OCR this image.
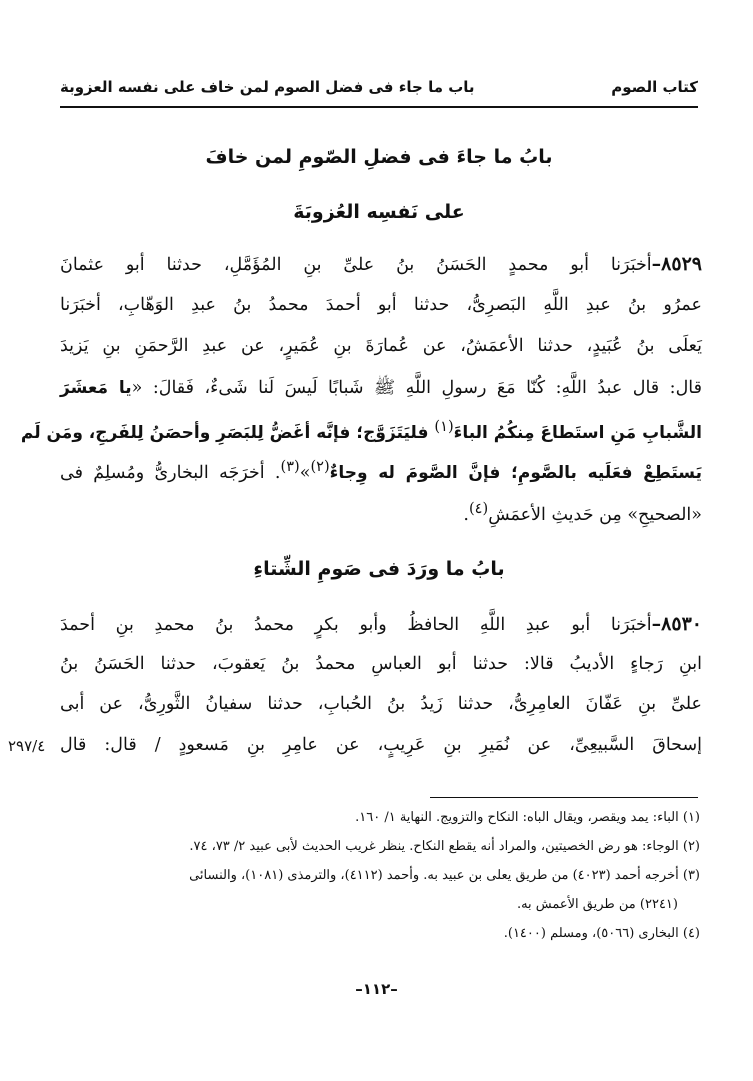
كتاب الصوم
باب ما جاء فى فضل الصوم لمن خاف على نفسه العزوبة
بابُ ما جاءَ فى فضلِ الصّومِ لمن خافَ
على نَفسِه العُزوبَةَ
٨٥٢٩–أخبَرَنا أبو محمدٍ الحَسَنُ بنُ علىِّ بنِ المُؤَمَّلِ، حدثنا أبو عثمانَ
عمرُو بنُ عبدِ اللَّهِ البَصرِىُّ، حدثنا أبو أحمدَ محمدُ بنُ عبدِ الوَهّابِ، أخبَرَنا
يَعلَى بنُ عُبَيدٍ، حدثنا الأعمَشُ، عن عُمارَةَ بنِ عُمَيرٍ، عن عبدِ الرَّحمَنِ بنِ يَزيدَ
قال: قال عبدُ اللَّهِ: كُنّا مَعَ رسولِ اللَّهِ ﷺ شَبابًا لَيسَ لَنا شَىءٌ، فَقالَ: «يا مَعشَرَ
الشَّبابِ مَنِ استَطاعَ مِنكُمُ الباءَ$^{(١)}$ فليَتَزَوَّج؛ فإنَّه أغَضُّ لِلبَصَرِ وأحصَنُ لِلفَرجِ، ومَن لَم
يَستَطِعْ فعَلَيه بالصَّومِ؛ فإنَّ الصَّومَ له وِجاءٌ$^{(٢)}$»$^{(٣)}$. أخرَجَه البخارىُّ ومُسلِمٌ فى
«الصحيحِ» مِن حَديثِ الأعمَشِ$^{(٤)}$.
بابُ ما ورَدَ فى صَومِ الشِّتاءِ
٨٥٣٠–أخبَرَنا أبو عبدِ اللَّهِ الحافظُ وأبو بكرٍ محمدُ بنُ محمدِ بنِ أحمدَ
ابنِ رَجاءٍ الأديبُ قالا: حدثنا أبو العباسِ محمدُ بنُ يَعقوبَ، حدثنا الحَسَنُ بنُ
علىِّ بنِ عَفّانَ العامِرِىُّ، حدثنا زَيدُ بنُ الحُبابِ، حدثنا سفيانُ الثَّورِىُّ، عن أبى
إسحاقَ السَّبيعِىِّ، عن نُمَيرِ بنِ عَرِيبٍ، عن عامِرِ بنِ مَسعودٍ / قال: قال
٢٩٧/٤
(١) الباء: يمد ويقصر، ويقال الباه: النكاح والتزويج. النهاية ١/ ١٦٠.
(٢) الوجاء: هو رض الخصيتين، والمراد أنه يقطع النكاح. ينظر غريب الحديث لأبى عبيد ٢/ ٧٣، ٧٤.
(٣) أخرجه أحمد (٤٠٢٣) من طريق يعلى بن عبيد به. وأحمد (٤١١٢)، والترمذى (١٠٨١)، والنسائى
(٢٢٤١) من طريق الأعمش به.
(٤) البخارى (٥٠٦٦)، ومسلم (١٤٠٠).
–١١٢–
